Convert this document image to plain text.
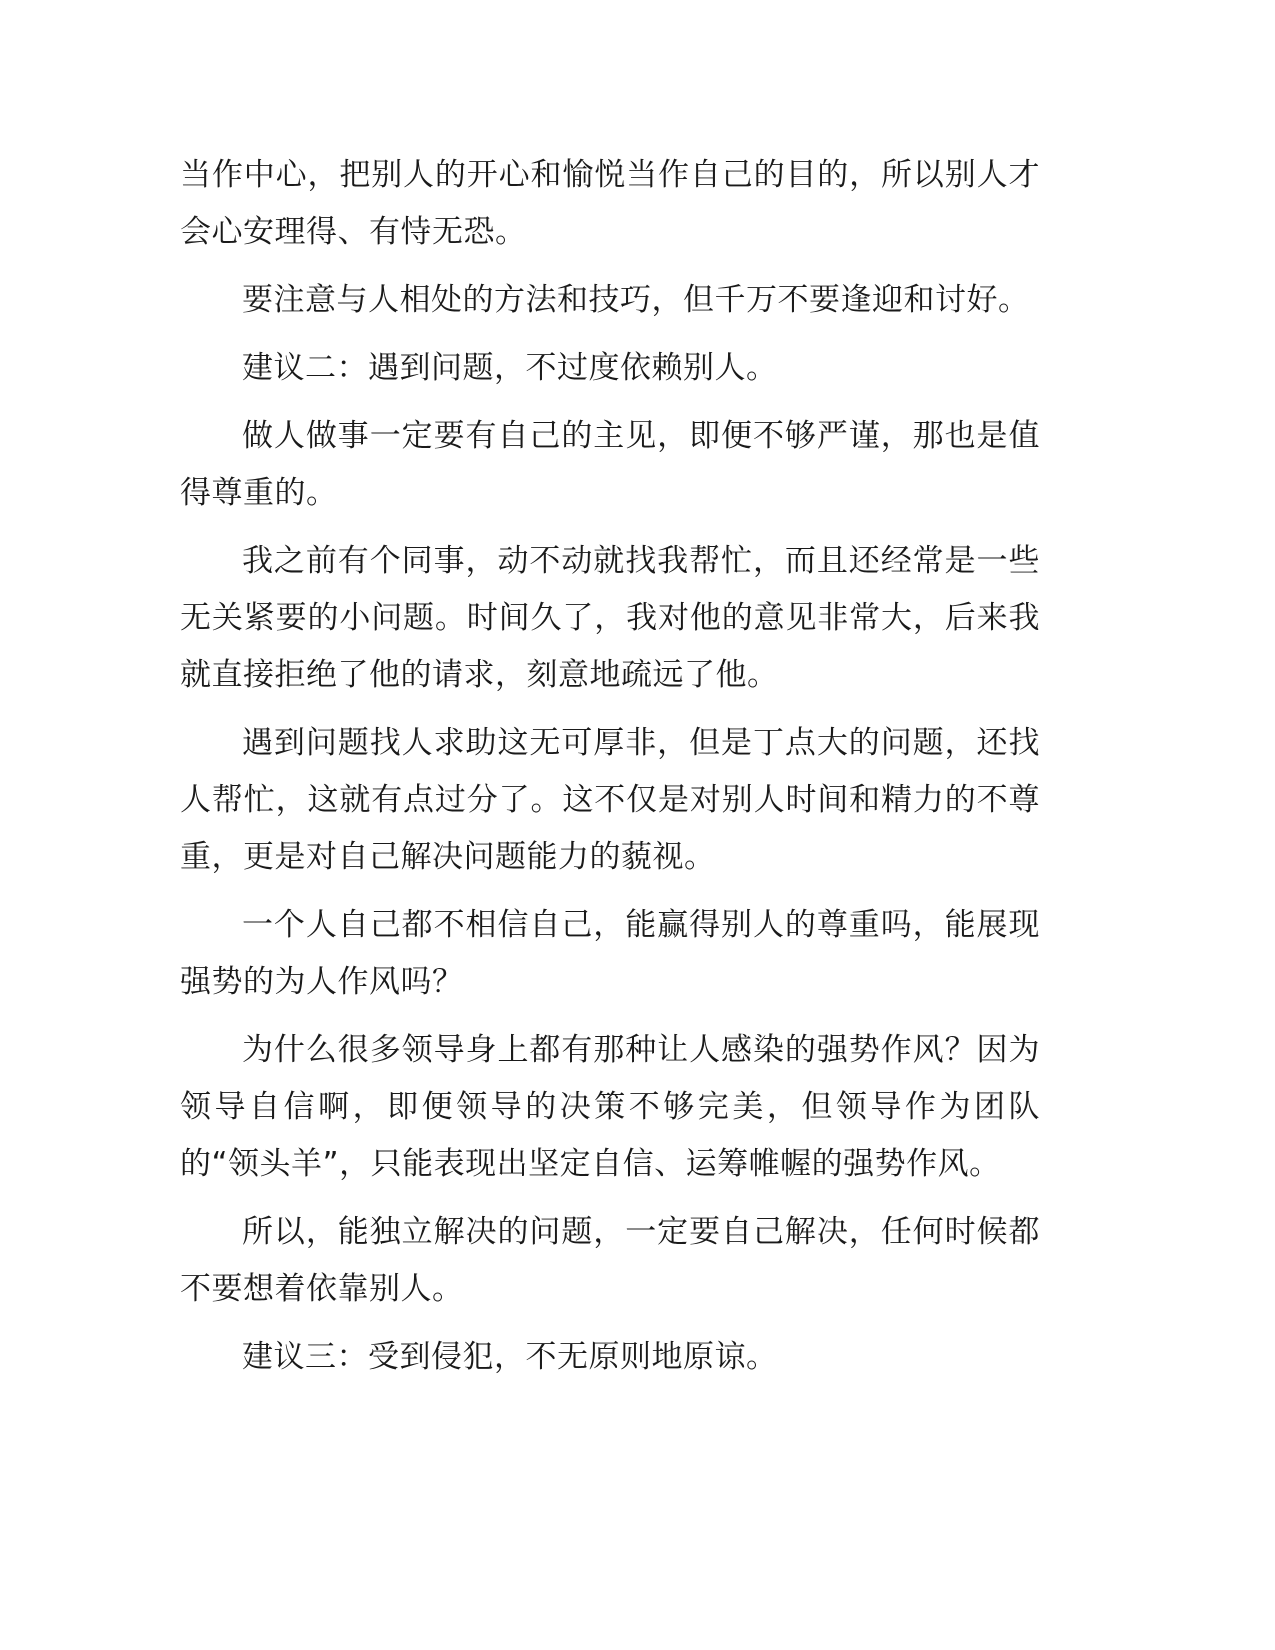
当作中心，把别人的开心和愉悦当作自己的目的，所以别人才会心安理得、有恃无恐。

要注意与人相处的方法和技巧，但千万不要逢迎和讨好。

建议二：遇到问题，不过度依赖别人。

做人做事一定要有自己的主见，即便不够严谨，那也是值得尊重的。

我之前有个同事，动不动就找我帮忙，而且还经常是一些无关紧要的小问题。时间久了，我对他的意见非常大，后来我就直接拒绝了他的请求，刻意地疏远了他。

遇到问题找人求助这无可厚非，但是丁点大的问题，还找人帮忙，这就有点过分了。这不仅是对别人时间和精力的不尊重，更是对自己解决问题能力的藐视。

一个人自己都不相信自己，能赢得别人的尊重吗，能展现强势的为人作风吗？

为什么很多领导身上都有那种让人感染的强势作风？因为领导自信啊，即便领导的决策不够完美，但领导作为团队的“领头羊”，只能表现出坚定自信、运筹帷幄的强势作风。

所以，能独立解决的问题，一定要自己解决，任何时候都不要想着依靠别人。

建议三：受到侵犯，不无原则地原谅。
